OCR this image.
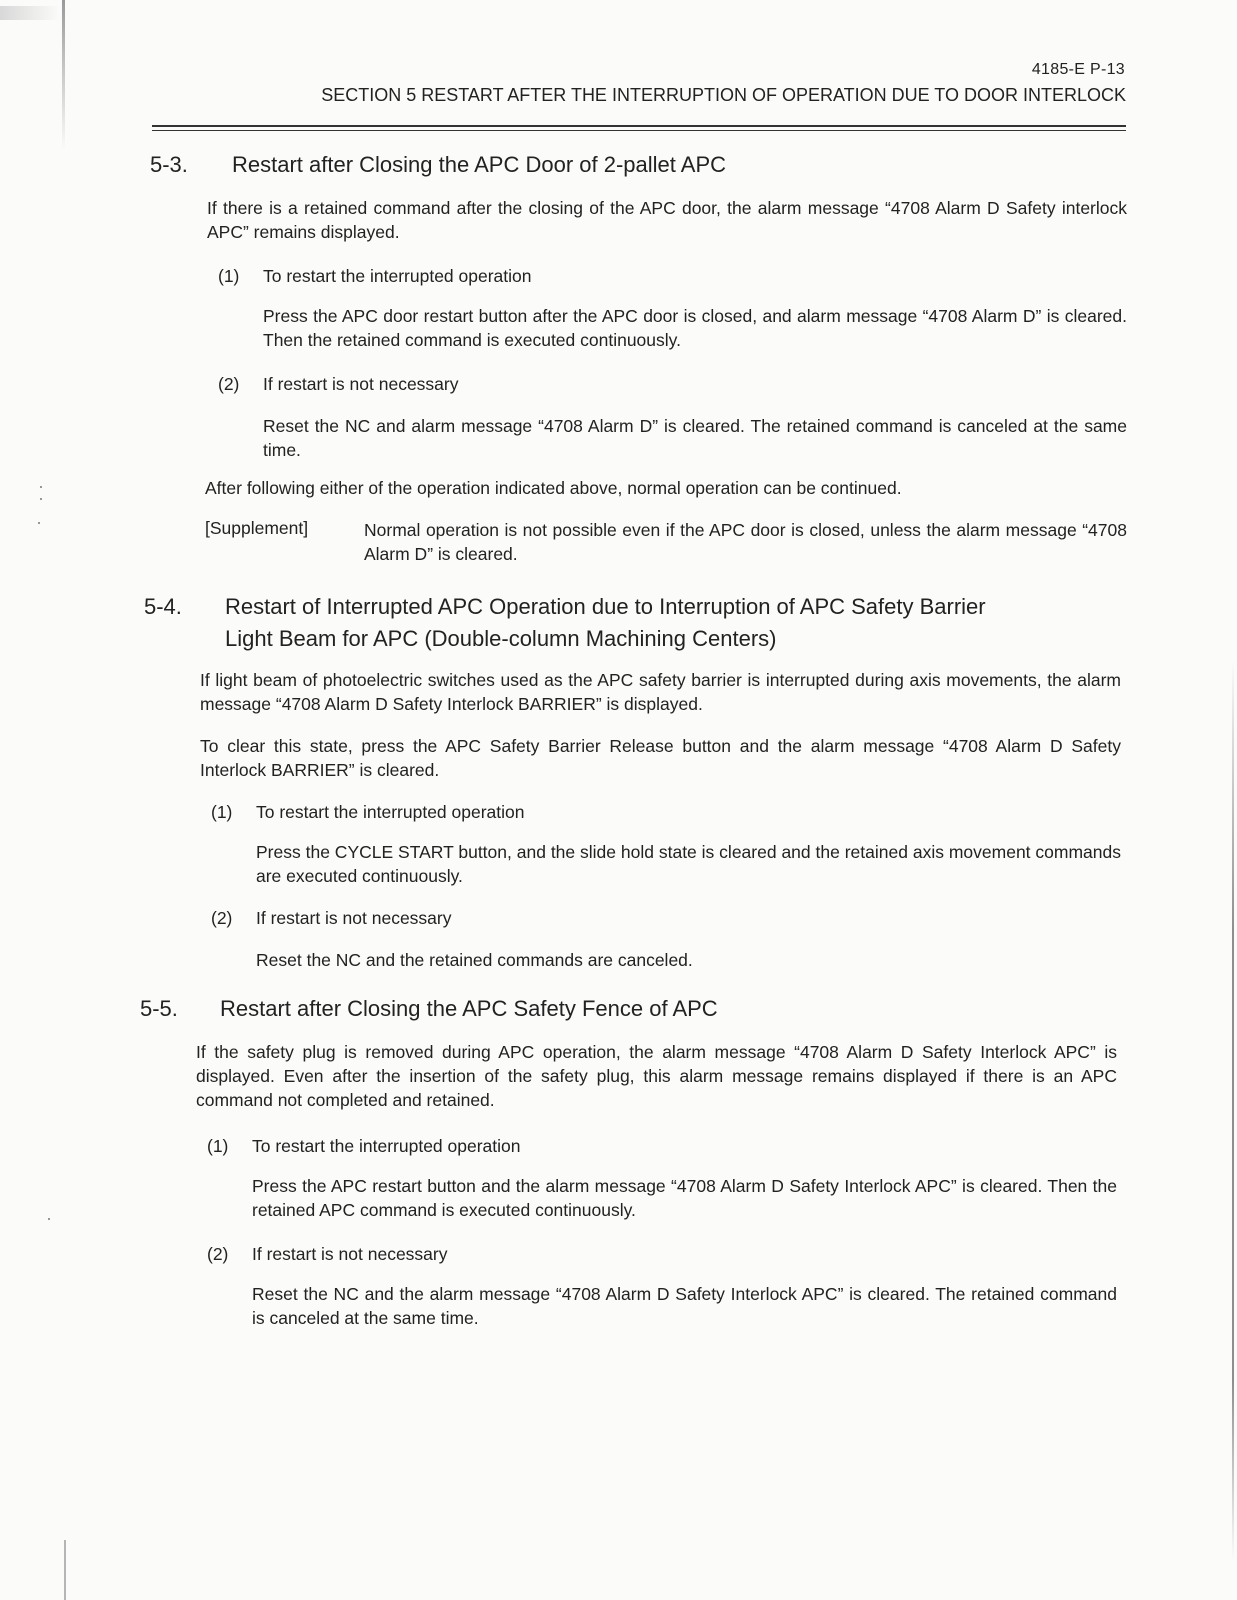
4185-E P-13
SECTION 5 RESTART AFTER THE INTERRUPTION OF OPERATION DUE TO DOOR INTERLOCK
5-3. Restart after Closing the APC Door of 2-pallet APC

If there is a retained command after the closing of the APC door, the alarm message “4708 Alarm D Safety interlock APC” remains displayed.

(1) To restart the interrupted operation

Press the APC door restart button after the APC door is closed, and alarm message “4708 Alarm D” is cleared. Then the retained command is executed continuously.

(2) If restart is not necessary

Reset the NC and alarm message “4708 Alarm D” is cleared. The retained command is canceled at the same time.

After following either of the operation indicated above, normal operation can be continued.

[Supplement]	Normal operation is not possible even if the APC door is closed, unless the alarm message “4708 Alarm D” is cleared.

5-4. Restart of Interrupted APC Operation due to Interruption of APC Safety Barrier
Light Beam for APC (Double-column Machining Centers)

If light beam of photoelectric switches used as the APC safety barrier is interrupted during axis movements, the alarm message “4708 Alarm D Safety Interlock BARRIER” is displayed.

To clear this state, press the APC Safety Barrier Release button and the alarm message “4708 Alarm D Safety Interlock BARRIER” is cleared.

(1) To restart the interrupted operation

Press the CYCLE START button, and the slide hold state is cleared and the retained axis movement commands are executed continuously.

(2) If restart is not necessary

Reset the NC and the retained commands are canceled.

5-5. Restart after Closing the APC Safety Fence of APC

If the safety plug is removed during APC operation, the alarm message “4708 Alarm D Safety Interlock APC” is displayed. Even after the insertion of the safety plug, this alarm message remains displayed if there is an APC command not completed and retained.

(1) To restart the interrupted operation

Press the APC restart button and the alarm message “4708 Alarm D Safety Interlock APC” is cleared. Then the retained APC command is executed continuously.

(2) If restart is not necessary

Reset the NC and the alarm message “4708 Alarm D Safety Interlock APC” is cleared. The retained command is canceled at the same time.
